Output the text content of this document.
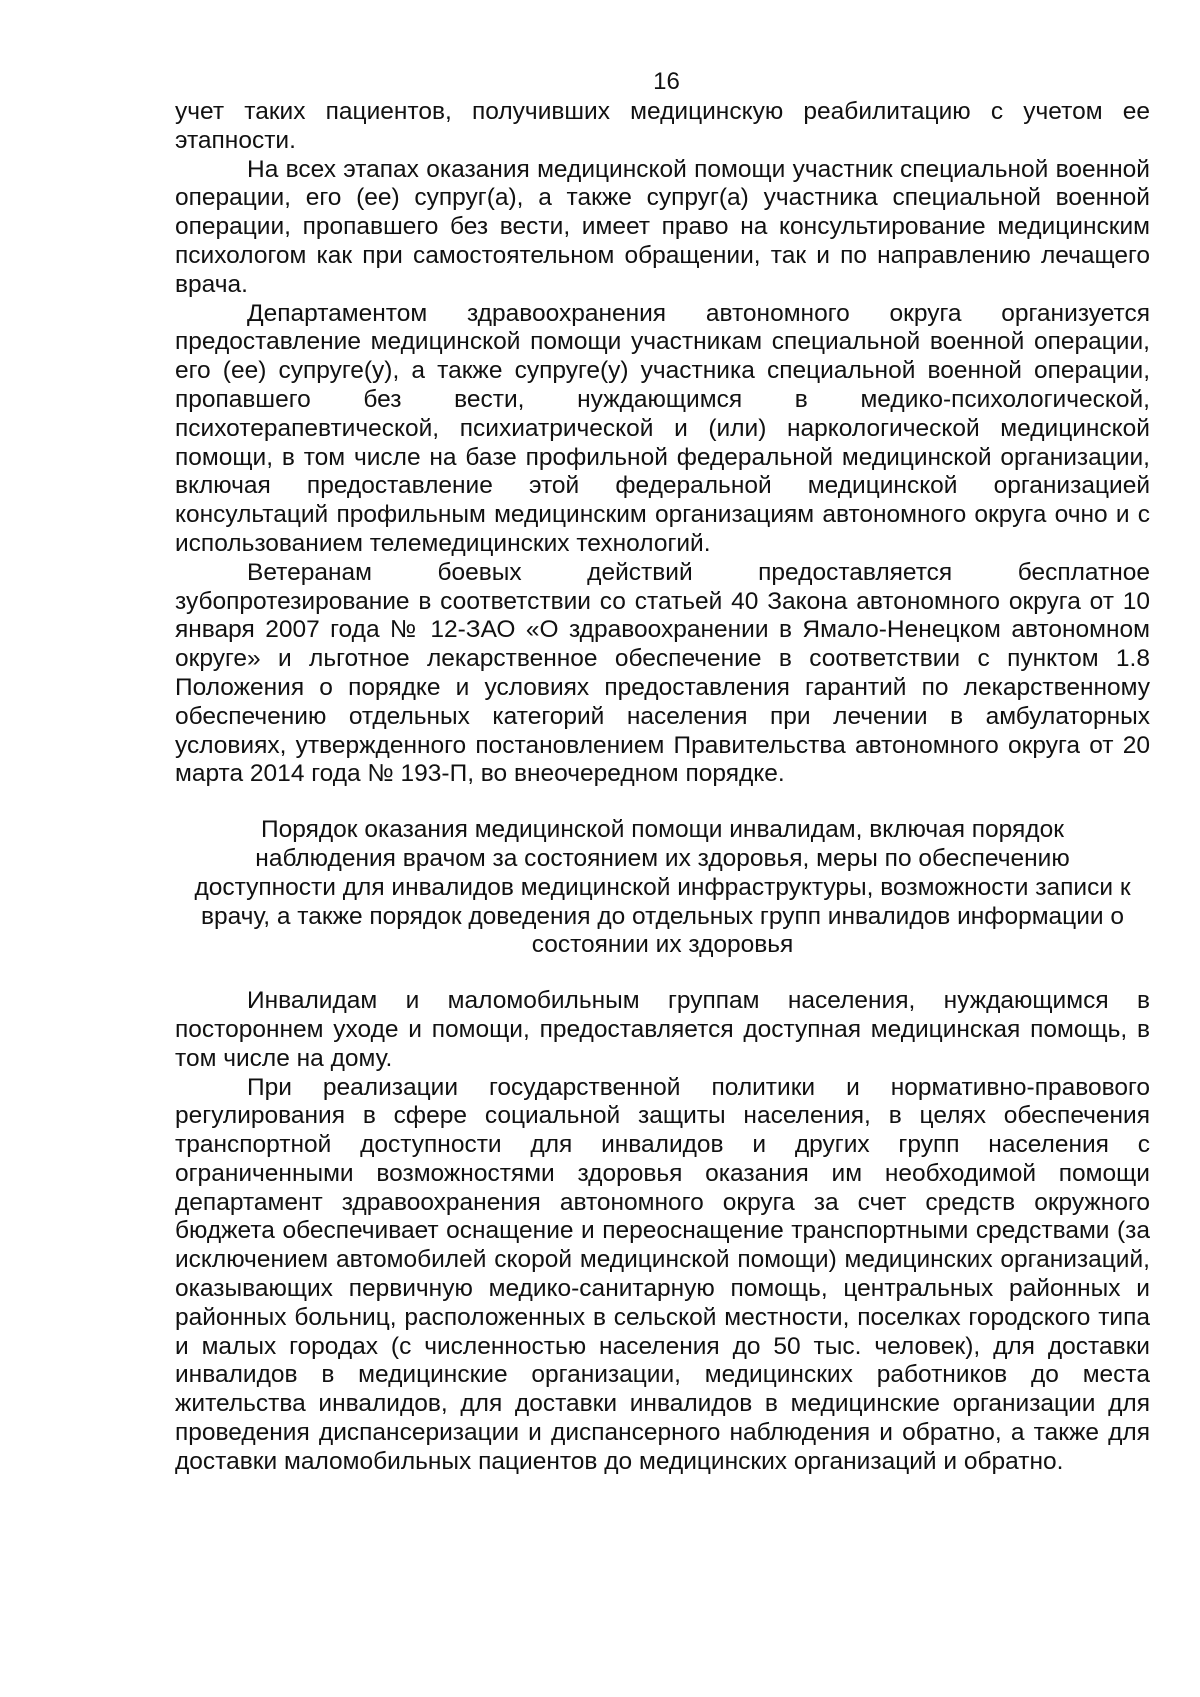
16

учет таких пациентов, получивших медицинскую реабилитацию с учетом ее этапности.

На всех этапах оказания медицинской помощи участник специальной военной операции, его (ее) супруг(а), а также супруг(а) участника специальной военной операции, пропавшего без вести, имеет право на консультирование медицинским психологом как при самостоятельном обращении, так и по направлению лечащего врача.

Департаментом здравоохранения автономного округа организуется предоставление медицинской помощи участникам специальной военной операции, его (ее) супруге(у), а также супруге(у) участника специальной военной операции, пропавшего без вести, нуждающимся в медико-психологической, психотерапевтической, психиатрической и (или) наркологической медицинской помощи, в том числе на базе профильной федеральной медицинской организации, включая предоставление этой федеральной медицинской организацией консультаций профильным медицинским организациям автономного округа очно и с использованием телемедицинских технологий.

Ветеранам боевых действий предоставляется бесплатное зубопротезирование в соответствии со статьей 40 Закона автономного округа от 10 января 2007 года № 12-ЗАО «О здравоохранении в Ямало-Ненецком автономном округе» и льготное лекарственное обеспечение в соответствии с пунктом 1.8 Положения о порядке и условиях предоставления гарантий по лекарственному обеспечению отдельных категорий населения при лечении в амбулаторных условиях, утвержденного постановлением Правительства автономного округа от 20 марта 2014 года № 193-П, во внеочередном порядке.

Порядок оказания медицинской помощи инвалидам, включая порядок наблюдения врачом за состоянием их здоровья, меры по обеспечению доступности для инвалидов медицинской инфраструктуры, возможности записи к врачу, а также порядок доведения до отдельных групп инвалидов информации о состоянии их здоровья

Инвалидам и маломобильным группам населения, нуждающимся в постороннем уходе и помощи, предоставляется доступная медицинская помощь, в том числе на дому.

При реализации государственной политики и нормативно-правового регулирования в сфере социальной защиты населения, в целях обеспечения транспортной доступности для инвалидов и других групп населения с ограниченными возможностями здоровья оказания им необходимой помощи департамент здравоохранения автономного округа за счет средств окружного бюджета обеспечивает оснащение и переоснащение транспортными средствами (за исключением автомобилей скорой медицинской помощи) медицинских организаций, оказывающих первичную медико-санитарную помощь, центральных районных и районных больниц, расположенных в сельской местности, поселках городского типа и малых городах (с численностью населения до 50 тыс. человек), для доставки инвалидов в медицинские организации, медицинских работников до места жительства инвалидов, для доставки инвалидов в медицинские организации для проведения диспансеризации и диспансерного наблюдения и обратно, а также для доставки маломобильных пациентов до медицинских организаций и обратно.
